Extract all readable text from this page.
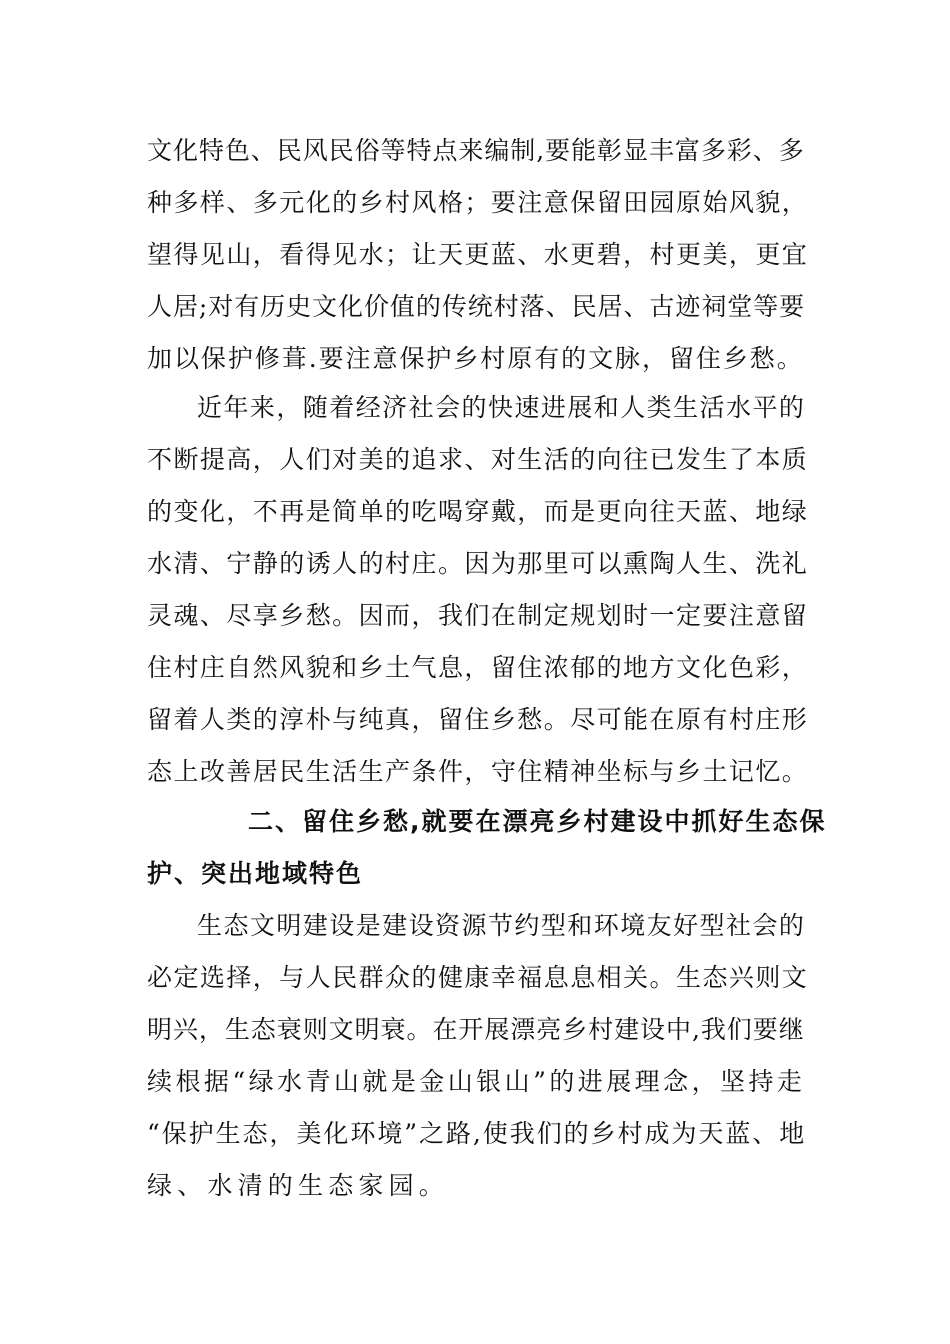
文化特色、民风民俗等特点来编制,要能彰显丰富多彩、多
种多样、多元化的乡村风格；要注意保留田园原始风貌，
望得见山，看得见水；让天更蓝、水更碧，村更美，更宜
人居;对有历史文化价值的传统村落、民居、古迹祠堂等要
加以保护修葺.要注意保护乡村原有的文脉，留住乡愁。
近年来，随着经济社会的快速进展和人类生活水平的
不断提高，人们对美的追求、对生活的向往已发生了本质
的变化，不再是简单的吃喝穿戴，而是更向往天蓝、地绿
水清、宁静的诱人的村庄。因为那里可以熏陶人生、洗礼
灵魂、尽享乡愁。因而，我们在制定规划时一定要注意留
住村庄自然风貌和乡土气息，留住浓郁的地方文化色彩，
留着人类的淳朴与纯真，留住乡愁。尽可能在原有村庄形
态上改善居民生活生产条件，守住精神坐标与乡土记忆。
二、留住乡愁,就要在漂亮乡村建设中抓好生态保
护、突出地域特色
生态文明建设是建设资源节约型和环境友好型社会的
必定选择，与人民群众的健康幸福息息相关。生态兴则文
明兴，生态衰则文明衰。在开展漂亮乡村建设中,我们要继
续根据“绿水青山就是金山银山”的进展理念，坚持走
“保护生态，美化环境”之路,使我们的乡村成为天蓝、地
绿、水清的生态家园。
